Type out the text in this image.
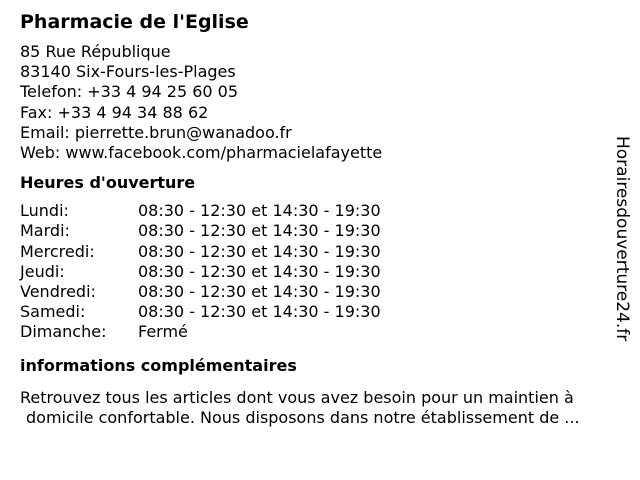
Pharmacie de l'Eglise
85 Rue République
83140 Six-Fours-les-Plages
Telefon: +33 4 94 25 60 05
Fax: +33 4 94 34 88 62
Email: pierrette.brun@wanadoo.fr
Web: www.facebook.com/pharmacielafayette
Heures d'ouverture
Lundi:	08:30 - 12:30 et 14:30 - 19:30
Mardi:	08:30 - 12:30 et 14:30 - 19:30
Mercredi:	08:30 - 12:30 et 14:30 - 19:30
Jeudi:	08:30 - 12:30 et 14:30 - 19:30
Vendredi:	08:30 - 12:30 et 14:30 - 19:30
Samedi:	08:30 - 12:30 et 14:30 - 19:30
Dimanche:	Fermé
informations complémentaires
Retrouvez tous les articles dont vous avez besoin pour un maintien à
domicile confortable. Nous disposons dans notre établissement de ...
Horairesdouverture24.fr
